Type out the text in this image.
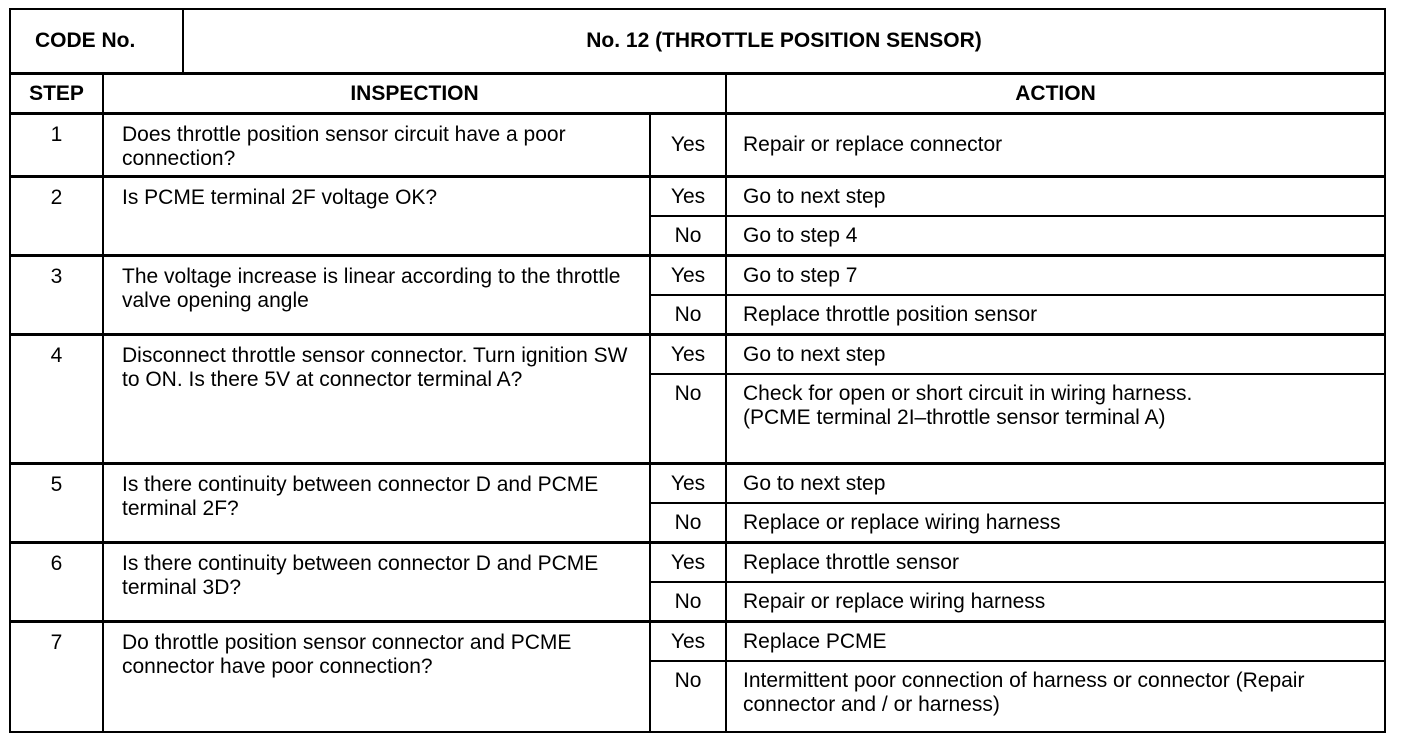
CODE No.		No. 12 (THROTTLE POSITION SENSOR)		
STEP	INSPECTION			ACTION
1	Does throttle position sensor circuit have a poor connection?		Yes	Repair or replace connector
2	Is PCME terminal 2F voltage OK?		Yes	Go to next step
			No	Go to step 4
3	The voltage increase is linear according to the throttle valve opening angle		Yes	Go to step 7
			No	Replace throttle position sensor
4	Disconnect throttle sensor connector. Turn ignition SW to ON. Is there 5V at connector terminal A?		Yes	Go to next step
			No	Check for open or short circuit in wiring harness. (PCME terminal 2I–throttle sensor terminal A)
5	Is there continuity between connector D and PCME terminal 2F?		Yes	Go to next step
			No	Replace or replace wiring harness
6	Is there continuity between connector D and PCME terminal 3D?		Yes	Replace throttle sensor
			No	Repair or replace wiring harness
7	Do throttle position sensor connector and PCME connector have poor connection?		Yes	Replace PCME
			No	Intermittent poor connection of harness or connector (Repair connector and / or harness)
